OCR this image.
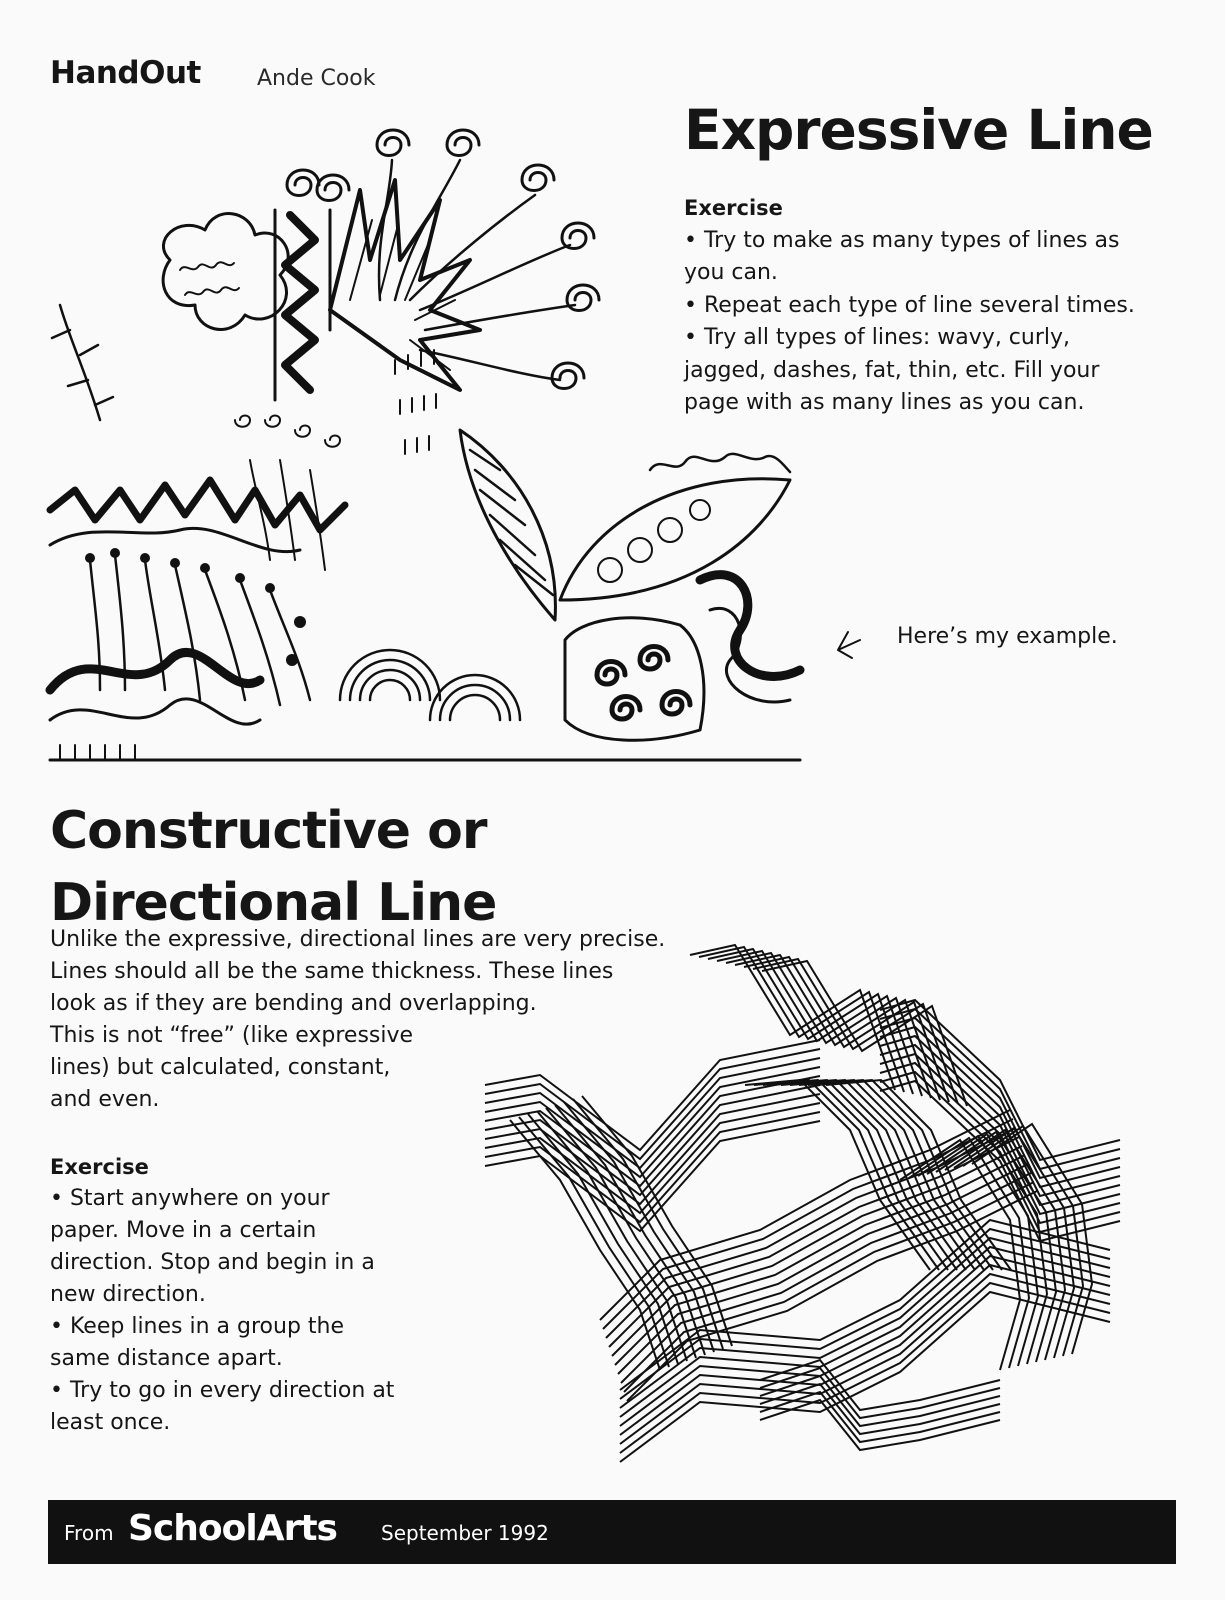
HandOut	Ande Cook
Expressive Line
Exercise
• Try to make as many types of lines as you can.
• Repeat each type of line several times.
• Try all types of lines: wavy, curly, jagged, dashes, fat, thin, etc. Fill your page with as many lines as you can.
Here’s my example.
Constructive or Directional Line
Unlike the expressive, directional lines are very precise.
Lines should all be the same thickness. These lines
look as if they are bending and overlapping.
This is not “free” (like expressive
lines) but calculated, constant,
and even.
Exercise
• Start anywhere on your paper. Move in a certain direction. Stop and begin in a new direction.
• Keep lines in a group the same distance apart.
• Try to go in every direction at least once.
From SchoolArts September 1992
